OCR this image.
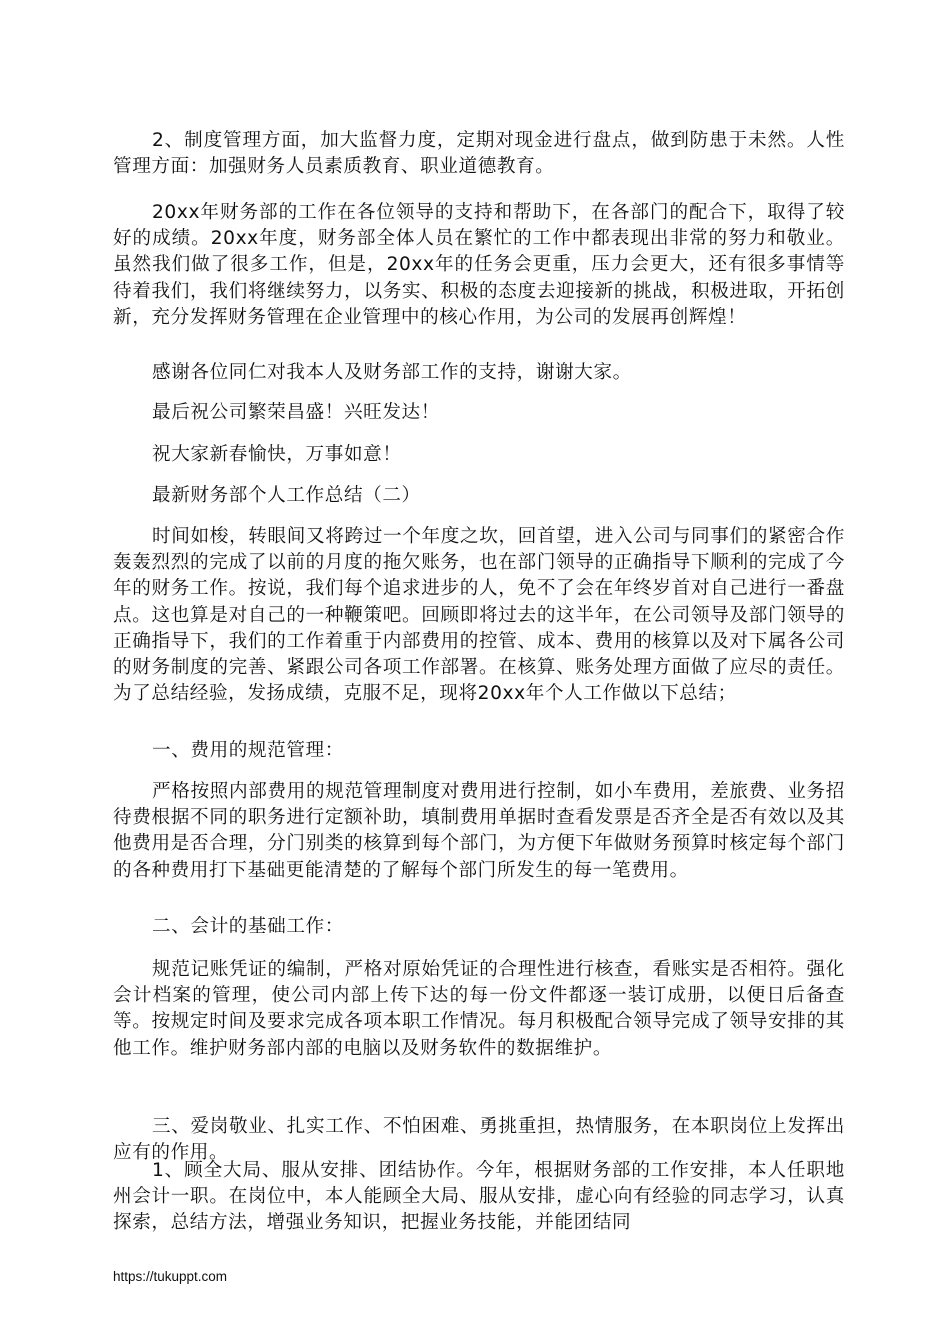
2、制度管理方面，加大监督力度，定期对现金进行盘点，做到防患于未然。人性管理方面：加强财务人员素质教育、职业道德教育。

20xx年财务部的工作在各位领导的支持和帮助下，在各部门的配合下，取得了较好的成绩。20xx年度，财务部全体人员在繁忙的工作中都表现出非常的努力和敬业。虽然我们做了很多工作，但是，20xx年的任务会更重，压力会更大，还有很多事情等待着我们，我们将继续努力，以务实、积极的态度去迎接新的挑战，积极进取，开拓创新，充分发挥财务管理在企业管理中的核心作用，为公司的发展再创辉煌！

感谢各位同仁对我本人及财务部工作的支持，谢谢大家。

最后祝公司繁荣昌盛！兴旺发达！

祝大家新春愉快，万事如意！

最新财务部个人工作总结（二）

时间如梭，转眼间又将跨过一个年度之坎，回首望，进入公司与同事们的紧密合作轰轰烈烈的完成了以前的月度的拖欠账务，也在部门领导的正确指导下顺利的完成了今年的财务工作。按说，我们每个追求进步的人，免不了会在年终岁首对自己进行一番盘点。这也算是对自己的一种鞭策吧。回顾即将过去的这半年，在公司领导及部门领导的正确指导下，我们的工作着重于内部费用的控管、成本、费用的核算以及对下属各公司的财务制度的完善、紧跟公司各项工作部署。在核算、账务处理方面做了应尽的责任。为了总结经验，发扬成绩，克服不足，现将20xx年个人工作做以下总结；

一、费用的规范管理：

严格按照内部费用的规范管理制度对费用进行控制，如小车费用，差旅费、业务招待费根据不同的职务进行定额补助，填制费用单据时查看发票是否齐全是否有效以及其他费用是否合理，分门别类的核算到每个部门，为方便下年做财务预算时核定每个部门的各种费用打下基础更能清楚的了解每个部门所发生的每一笔费用。

二、会计的基础工作：

规范记账凭证的编制，严格对原始凭证的合理性进行核查，看账实是否相符。强化会计档案的管理，使公司内部上传下达的每一份文件都逐一装订成册，以便日后备查等。按规定时间及要求完成各项本职工作情况。每月积极配合领导完成了领导安排的其他工作。维护财务部内部的电脑以及财务软件的数据维护。

三、爱岗敬业、扎实工作、不怕困难、勇挑重担，热情服务，在本职岗位上发挥出应有的作用。

1、顾全大局、服从安排、团结协作。今年，根据财务部的工作安排，本人任职地州会计一职。在岗位中，本人能顾全大局、服从安排，虚心向有经验的同志学习，认真探索，总结方法，增强业务知识，把握业务技能，并能团结同

https://tukuppt.com
